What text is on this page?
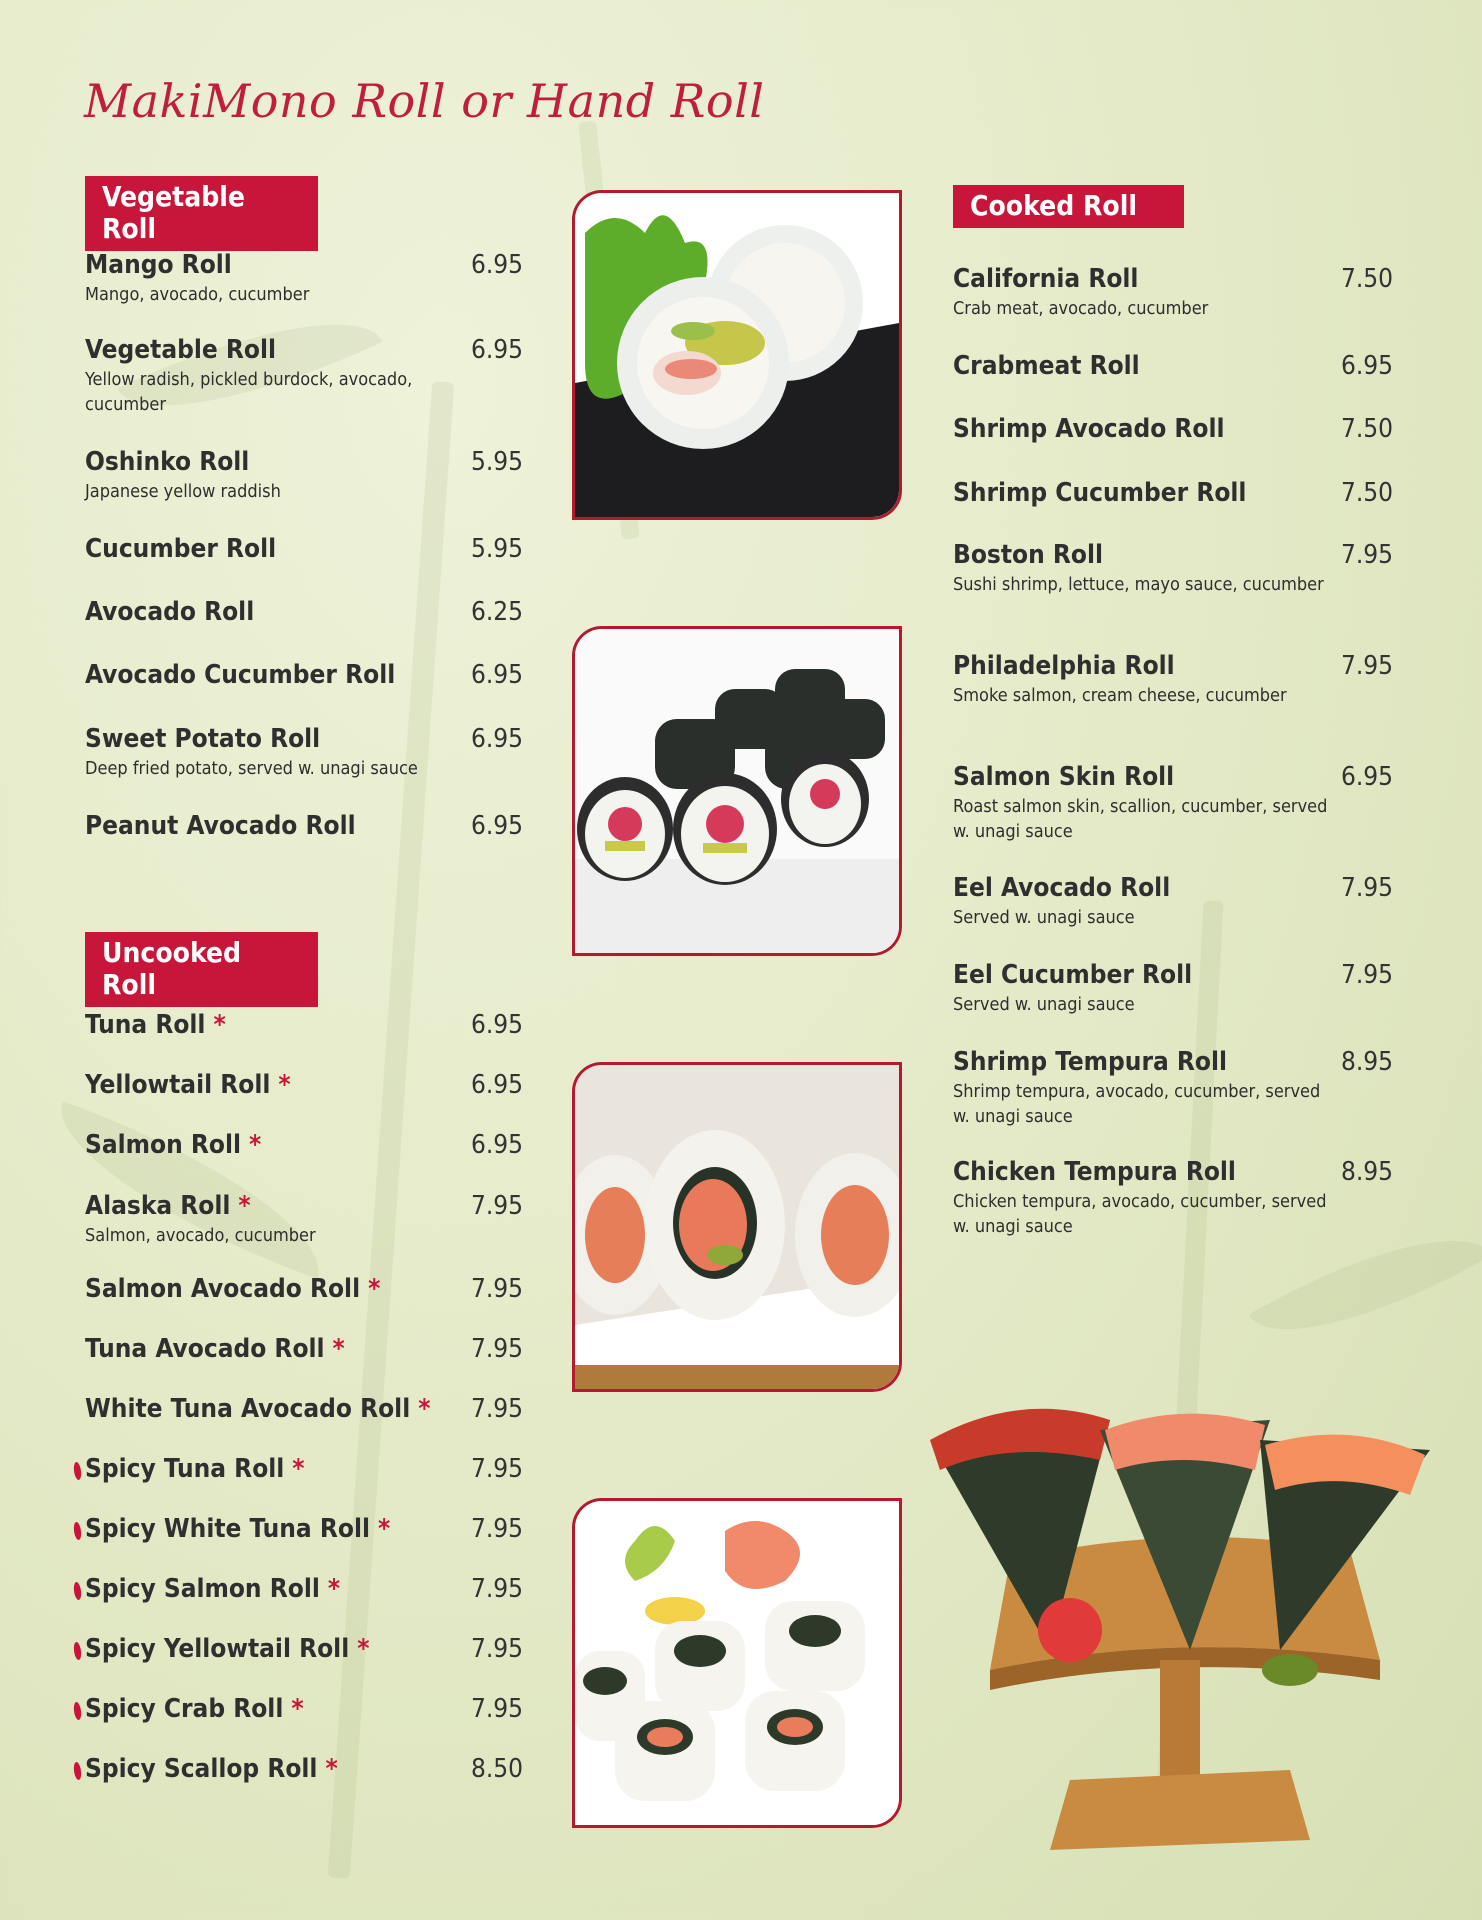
MakiMono Roll or Hand Roll
Vegetable Roll
Mango Roll	6.95
Mango, avocado, cucumber
Vegetable Roll	6.95
Yellow radish, pickled burdock, avocado, cucumber
Oshinko Roll	5.95
Japanese yellow raddish
Cucumber Roll	5.95
Avocado Roll	6.25
Avocado Cucumber Roll	6.95
Sweet Potato Roll	6.95
Deep fried potato, served w. unagi sauce
Peanut Avocado Roll	6.95
Uncooked Roll
Tuna Roll *	6.95
Yellowtail Roll *	6.95
Salmon Roll *	6.95
Alaska Roll *	7.95
Salmon, avocado, cucumber
Salmon Avocado Roll *	7.95
Tuna Avocado Roll *	7.95
White Tuna Avocado Roll * 7.95
Spicy Tuna Roll *	7.95
Spicy White Tuna Roll *	7.95
Spicy Salmon Roll *	7.95
Spicy Yellowtail Roll *	7.95
Spicy Crab Roll *	7.95
Spicy Scallop Roll *	8.50
Cooked Roll
California Roll	7.50
Crab meat, avocado, cucumber
Crabmeat Roll	6.95
Shrimp Avocado Roll	7.50
Shrimp Cucumber Roll	7.50
Boston Roll	7.95
Sushi shrimp, lettuce, mayo sauce, cucumber
Philadelphia Roll	7.95
Smoke salmon, cream cheese, cucumber
Salmon Skin Roll	6.95
Roast salmon skin, scallion, cucumber, served w. unagi sauce
Eel Avocado Roll	7.95
Served w. unagi sauce
Eel Cucumber Roll	7.95
Served w. unagi sauce
Shrimp Tempura Roll	8.95
Shrimp tempura, avocado, cucumber, served w. unagi sauce
Chicken Tempura Roll	8.95
Chicken tempura, avocado, cucumber, served w. unagi sauce
